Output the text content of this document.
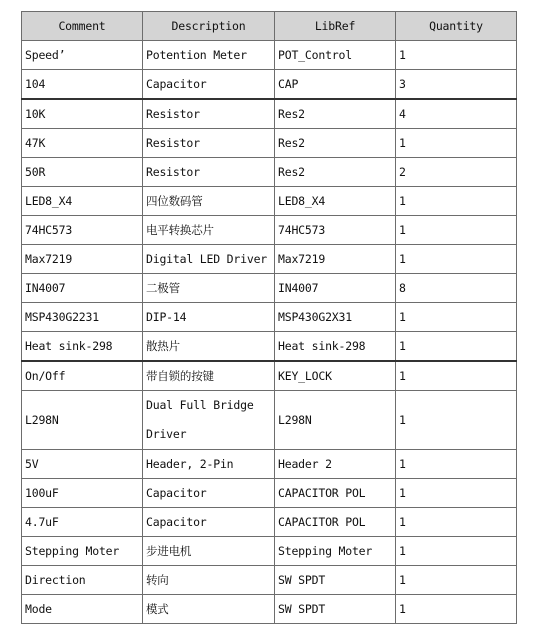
Comment	Description	LibRef	Quantity
Speed’	Potention Meter	POT_Control	1
104	Capacitor	CAP	3
10K	Resistor	Res2	4
47K	Resistor	Res2	1
50R	Resistor	Res2	2
LED8_X4	四位数码管	LED8_X4	1
74HC573	电平转换芯片	74HC573	1
Max7219	Digital LED Driver	Max7219	1
IN4007	二极管	IN4007	8
MSP430G2231	DIP-14	MSP430G2X31	1
Heat sink-298	散热片	Heat sink-298	1
On/Off	带自锁的按键	KEY_LOCK	1
L298N	Dual Full Bridge Driver	L298N	1
5V	Header, 2-Pin	Header 2	1
100uF	Capacitor	CAPACITOR POL	1
4.7uF	Capacitor	CAPACITOR POL	1
Stepping Moter	步进电机	Stepping Moter	1
Direction	转向	SW SPDT	1
Mode	模式	SW SPDT	1
